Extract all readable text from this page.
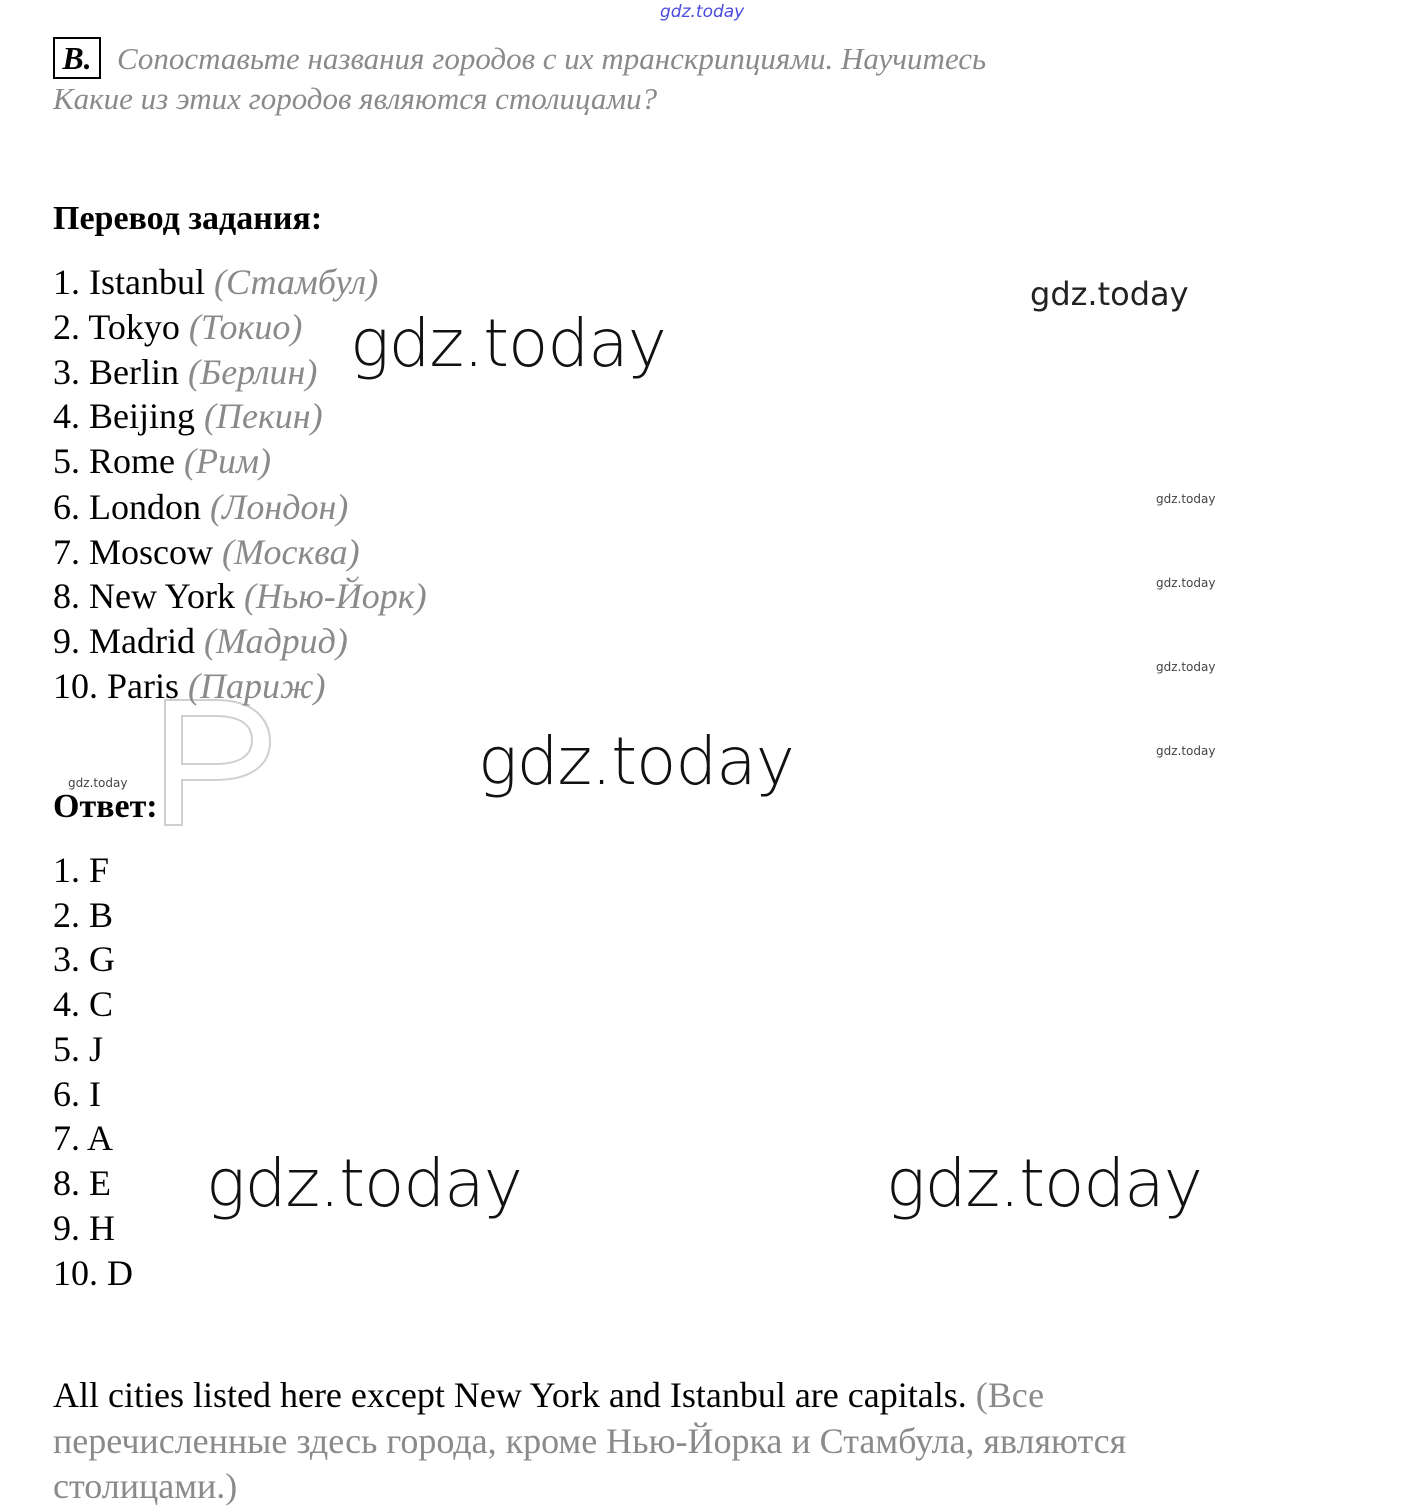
gdz.today
gdz.today
gdz.today
gdz.today
gdz.today
gdz.today
gdz.today
gdz.today
gdz.today
gdz.today	gdz.today
B. Сопоставьте названия городов с их транскрипциями. Научитесь
Какие из этих городов являются столицами?
Перевод задания:
1. Istanbul (Стамбул)
2. Tokyo (Токио)
3. Berlin (Берлин)
4. Beijing (Пекин)
5. Rome (Рим)
6. London (Лондон)
7. Moscow (Москва)
8. New York (Нью-Йорк)
9. Madrid (Мадрид)
10. Paris (Париж)
Ответ:
1. F
2. B
3. G
4. C
5. J
6. I
7. A
8. E
9. H
10. D
All cities listed here except New York and Istanbul are capitals. (Все
перечисленные здесь города, кроме Нью-Йорка и Стамбула, являются
столицами.)
